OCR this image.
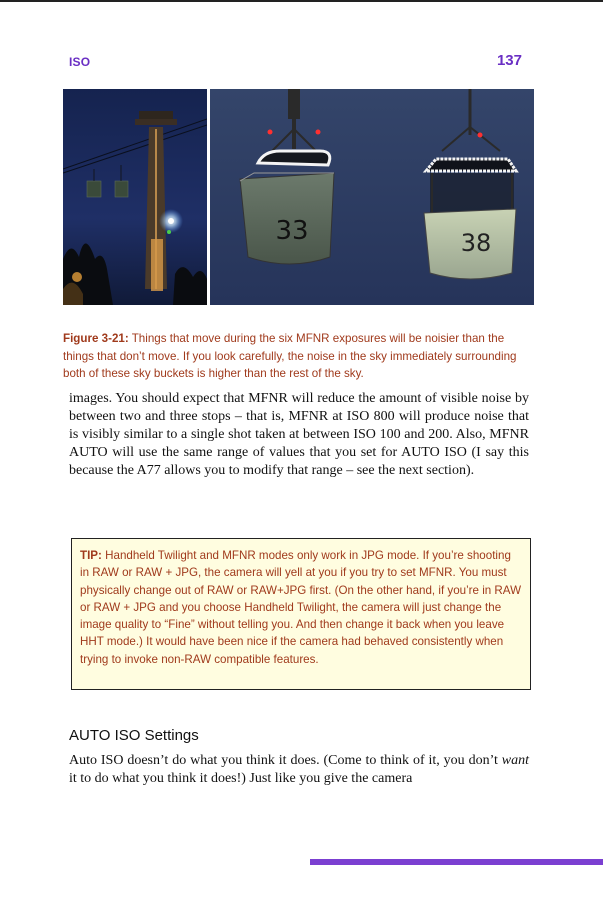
ISO	137
33	38
Figure 3-21: Things that move during the six MFNR exposures will be noisier than the things that don’t move. If you look carefully, the noise in the sky immediately surrounding both of these sky buckets is higher than the rest of the sky.
images. You should expect that MFNR will reduce the amount of visible noise by between two and three stops – that is, MFNR at ISO 800 will produce noise that is visibly similar to a single shot taken at between ISO 100 and 200. Also, MFNR AUTO will use the same range of values that you set for AUTO ISO (I say this because the A77 allows you to modify that range – see the next section).
TIP: Handheld Twilight and MFNR modes only work in JPG mode. If you’re shooting in RAW or RAW + JPG, the camera will yell at you if you try to set MFNR. You must physically change out of RAW or RAW+JPG first. (On the other hand, if you’re in RAW or RAW + JPG and you choose Handheld Twilight, the camera will just change the image quality to “Fine” without telling you. And then change it back when you leave HHT mode.) It would have been nice if the camera had behaved consistently when trying to invoke non-RAW compatible features.
AUTO ISO Settings
Auto ISO doesn’t do what you think it does. (Come to think of it, you don’t want it to do what you think it does!) Just like you give the camera
